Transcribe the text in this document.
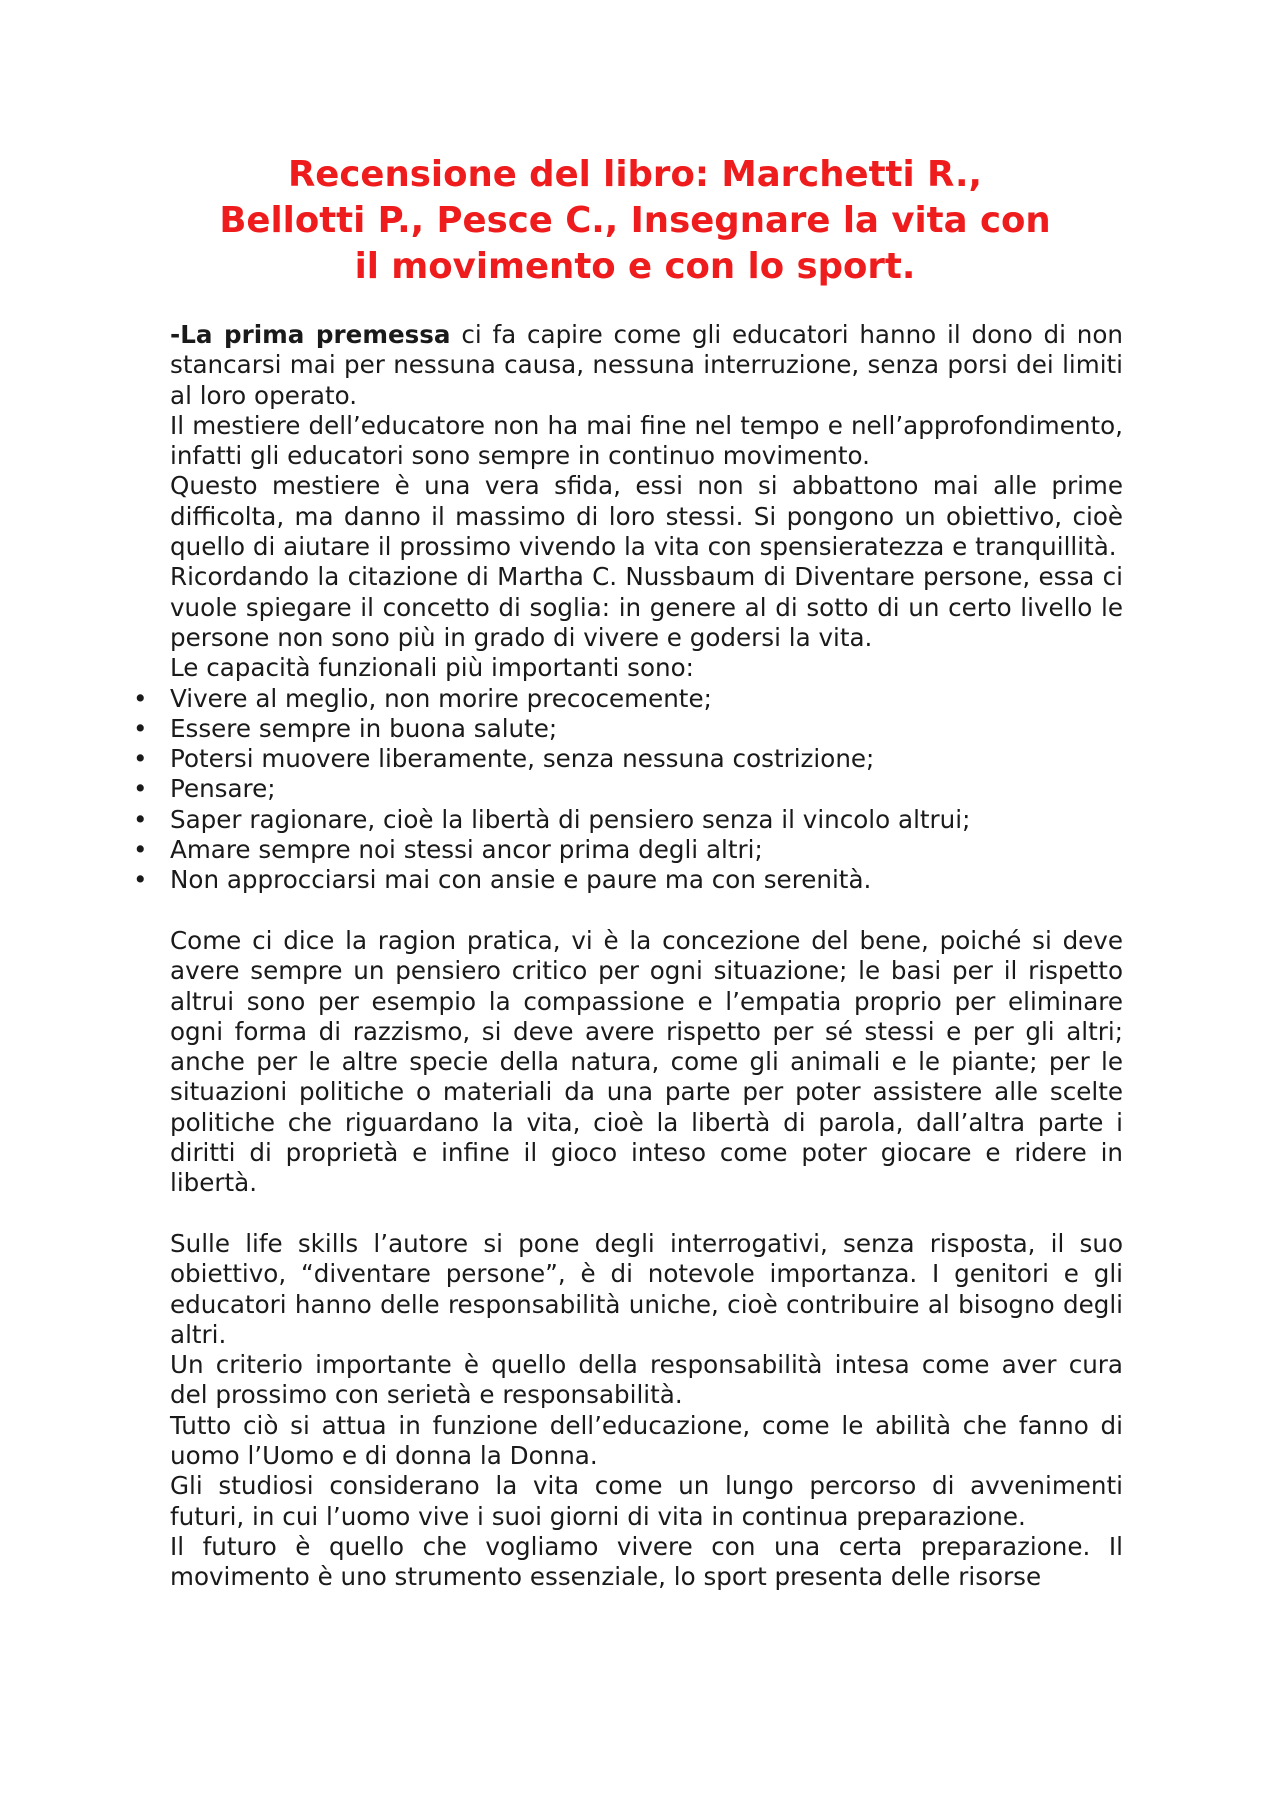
Recensione del libro: Marchetti R.,
Bellotti P., Pesce C., Insegnare la vita con
il movimento e con lo sport.

-La prima premessa ci fa capire come gli educatori hanno il dono di non stancarsi mai per nessuna causa, nessuna interruzione, senza porsi dei limiti al loro operato.

Il mestiere dell’educatore non ha mai fine nel tempo e nell’approfondimento, infatti gli educatori sono sempre in continuo movimento.

Questo mestiere è una vera sfida, essi non si abbattono mai alle prime difficolta, ma danno il massimo di loro stessi. Si pongono un obiettivo, cioè quello di aiutare il prossimo vivendo la vita con spensieratezza e tranquillità.

Ricordando la citazione di Martha C. Nussbaum di Diventare persone, essa ci vuole spiegare il concetto di soglia: in genere al di sotto di un certo livello le persone non sono più in grado di vivere e godersi la vita.

Le capacità funzionali più importanti sono:

• Vivere al meglio, non morire precocemente;
• Essere sempre in buona salute;
• Potersi muovere liberamente, senza nessuna costrizione;
• Pensare;
• Saper ragionare, cioè la libertà di pensiero senza il vincolo altrui;
• Amare sempre noi stessi ancor prima degli altri;
• Non approcciarsi mai con ansie e paure ma con serenità.

Come ci dice la ragion pratica, vi è la concezione del bene, poiché si deve avere sempre un pensiero critico per ogni situazione; le basi per il rispetto altrui sono per esempio la compassione e l’empatia proprio per eliminare ogni forma di razzismo, si deve avere rispetto per sé stessi e per gli altri; anche per le altre specie della natura, come gli animali e le piante; per le situazioni politiche o materiali da una parte per poter assistere alle scelte politiche che riguardano la vita, cioè la libertà di parola, dall’altra parte i diritti di proprietà e infine il gioco inteso come poter giocare e ridere in libertà.

Sulle life skills l’autore si pone degli interrogativi, senza risposta, il suo obiettivo, “diventare persone”, è di notevole importanza. I genitori e gli educatori hanno delle responsabilità uniche, cioè contribuire al bisogno degli altri.

Un criterio importante è quello della responsabilità intesa come aver cura del prossimo con serietà e responsabilità.

Tutto ciò si attua in funzione dell’educazione, come le abilità che fanno di uomo l’Uomo e di donna la Donna.

Gli studiosi considerano la vita come un lungo percorso di avvenimenti futuri, in cui l’uomo vive i suoi giorni di vita in continua preparazione.

Il futuro è quello che vogliamo vivere con una certa preparazione. Il movimento è uno strumento essenziale, lo sport presenta delle risorse
